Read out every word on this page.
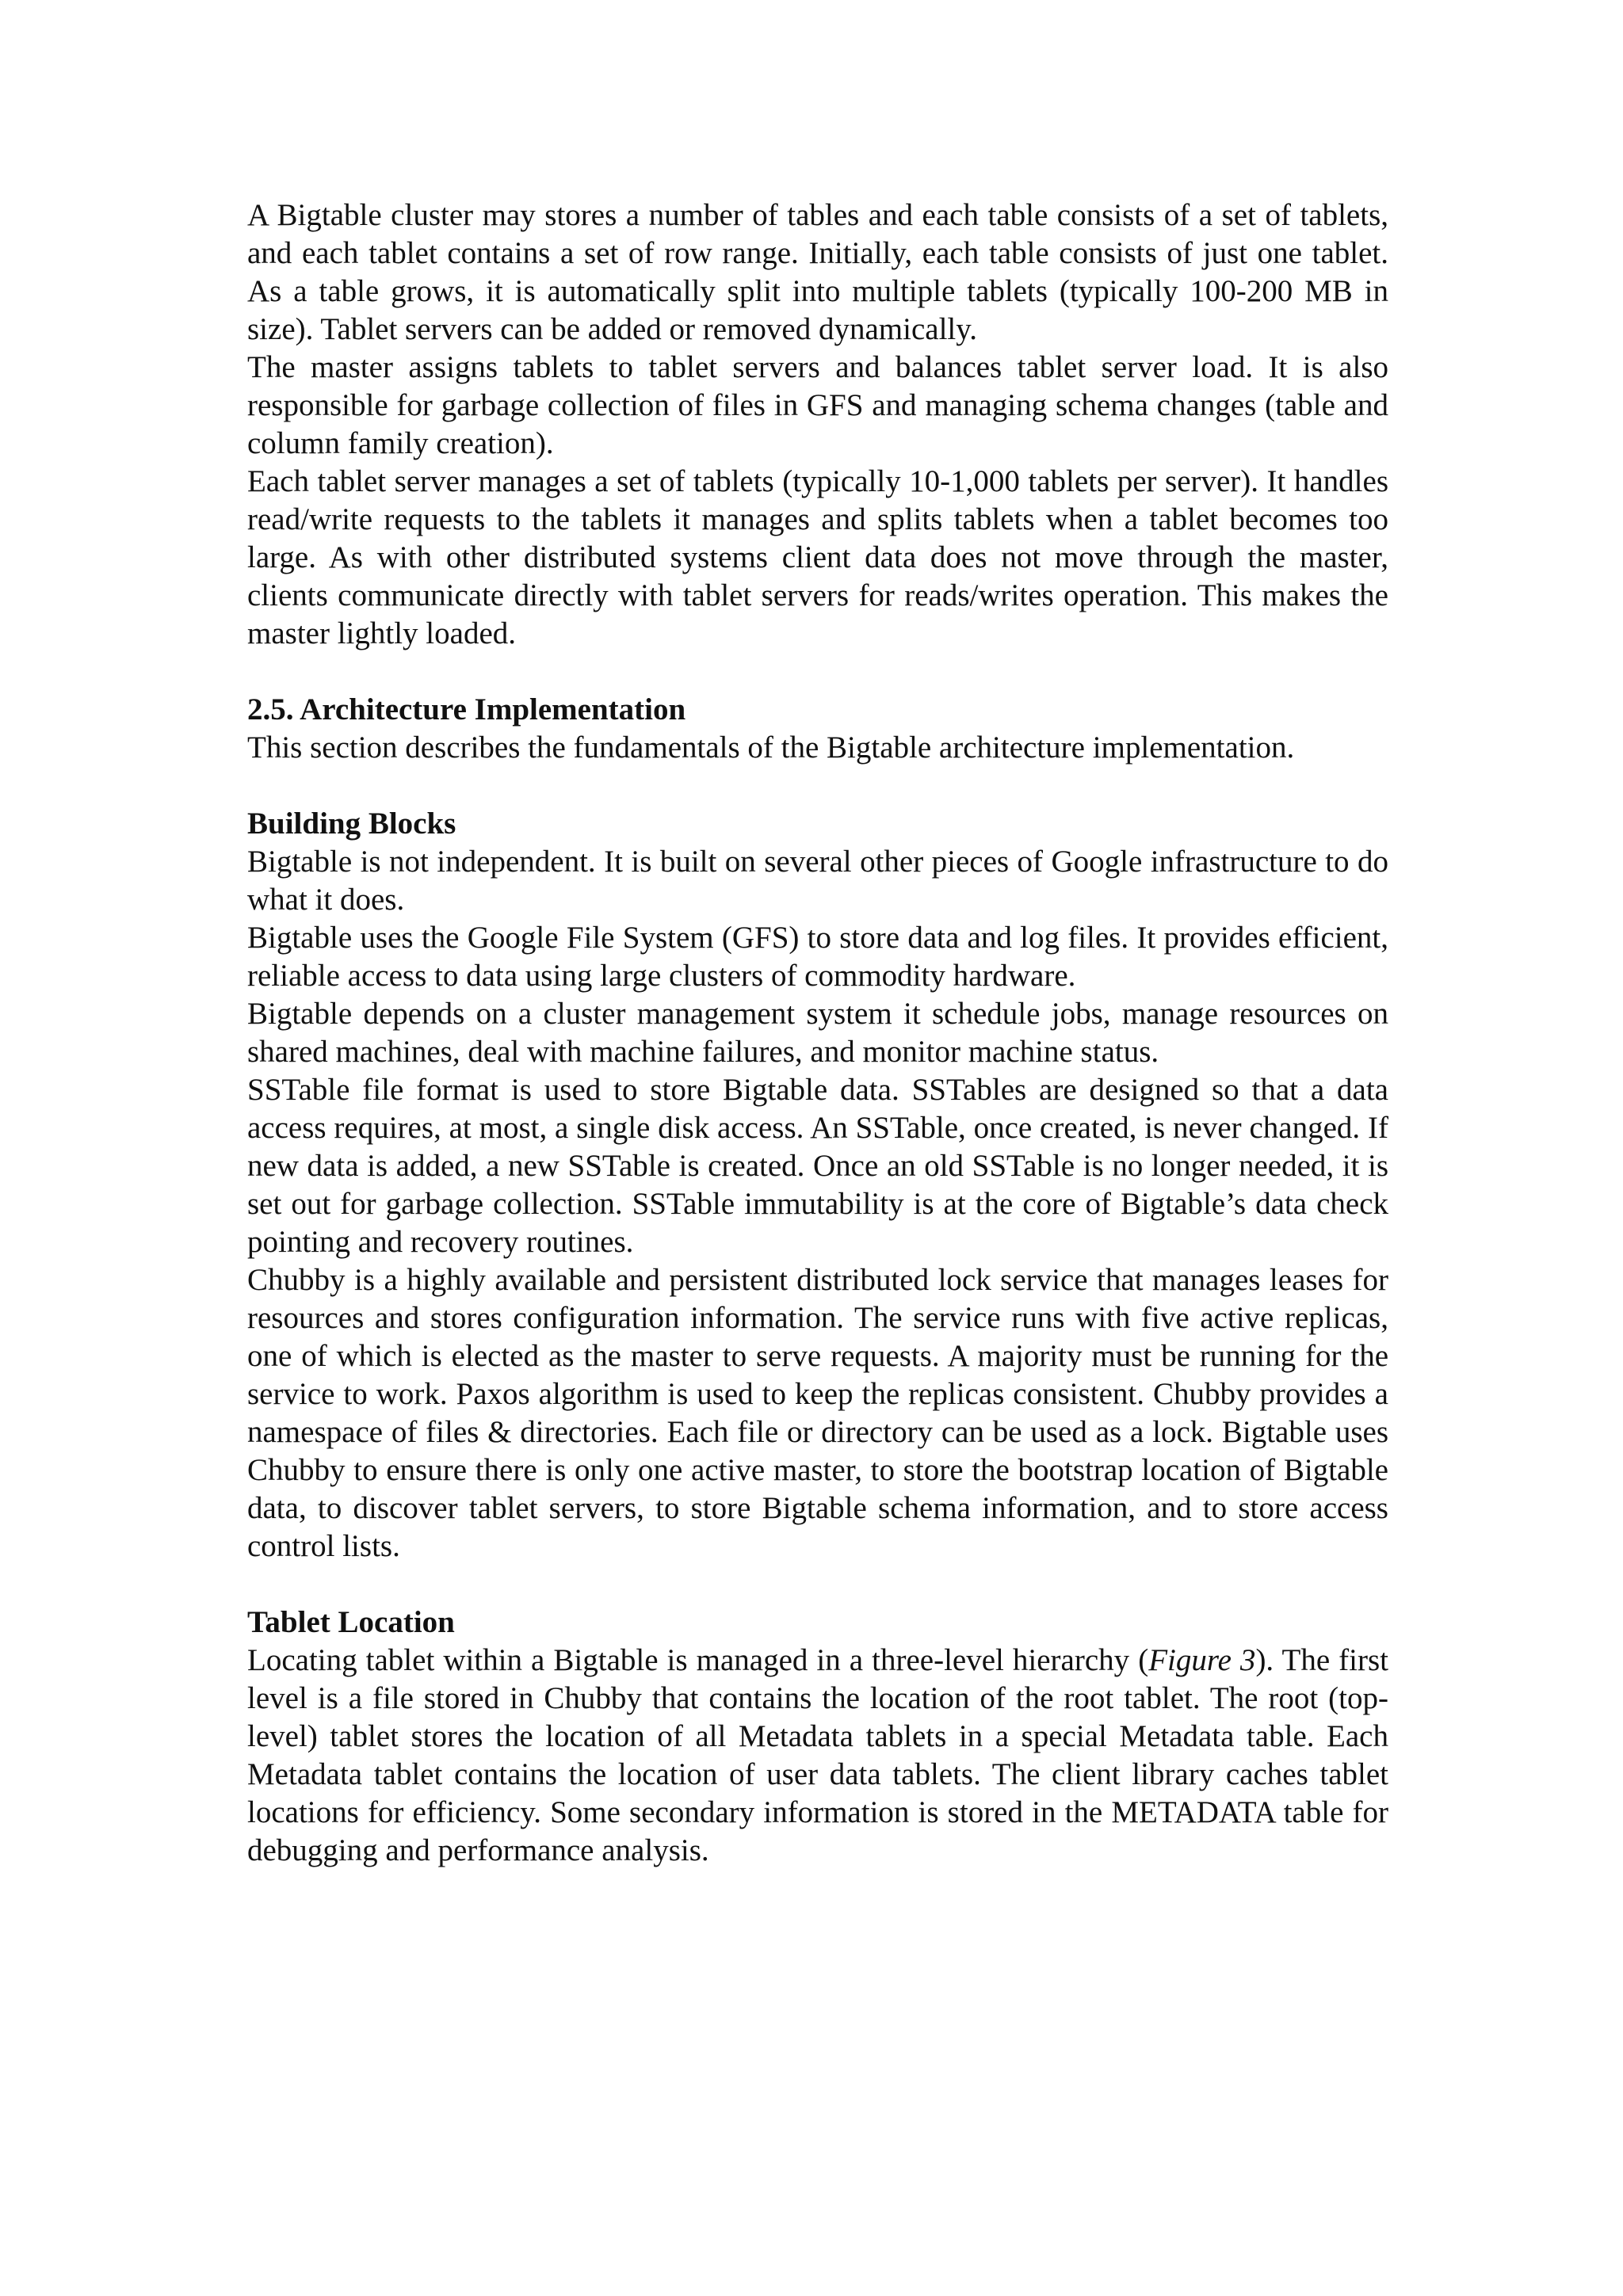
A Bigtable cluster may stores a number of tables and each table consists of a set of tablets, and each tablet contains a set of row range. Initially, each table consists of just one tablet. As a table grows, it is automatically split into multiple tablets (typically 100-200 MB in size). Tablet servers can be added or removed dynamically.

The master assigns tablets to tablet servers and balances tablet server load. It is also responsible for garbage collection of files in GFS and managing schema changes (table and column family creation).

Each tablet server manages a set of tablets (typically 10-1,000 tablets per server). It handles read/write requests to the tablets it manages and splits tablets when a tablet becomes too large. As with other distributed systems client data does not move through the master, clients communicate directly with tablet servers for reads/writes operation. This makes the master lightly loaded.

2.5. Architecture Implementation

This section describes the fundamentals of the Bigtable architecture implementation.

Building Blocks

Bigtable is not independent. It is built on several other pieces of Google infrastructure to do what it does.

Bigtable uses the Google File System (GFS) to store data and log files. It provides efficient, reliable access to data using large clusters of commodity hardware.

Bigtable depends on a cluster management system it schedule jobs, manage resources on shared machines, deal with machine failures, and monitor machine status.

SSTable file format is used to store Bigtable data. SSTables are designed so that a data access requires, at most, a single disk access. An SSTable, once created, is never changed. If new data is added, a new SSTable is created. Once an old SSTable is no longer needed, it is set out for garbage collection. SSTable immutability is at the core of Bigtable’s data check pointing and recovery routines.

Chubby is a highly available and persistent distributed lock service that manages leases for resources and stores configuration information. The service runs with five active replicas, one of which is elected as the master to serve requests. A majority must be running for the service to work. Paxos algorithm is used to keep the replicas consistent. Chubby provides a namespace of files & directories. Each file or directory can be used as a lock. Bigtable uses Chubby to ensure there is only one active master, to store the bootstrap location of Bigtable data, to discover tablet servers, to store Bigtable schema information, and to store access control lists.

Tablet Location

Locating tablet within a Bigtable is managed in a three-level hierarchy (Figure 3). The first level is a file stored in Chubby that contains the location of the root tablet. The root (top-level) tablet stores the location of all Metadata tablets in a special Metadata table. Each Metadata tablet contains the location of user data tablets. The client library caches tablet locations for efficiency. Some secondary information is stored in the METADATA table for debugging and performance analysis.
